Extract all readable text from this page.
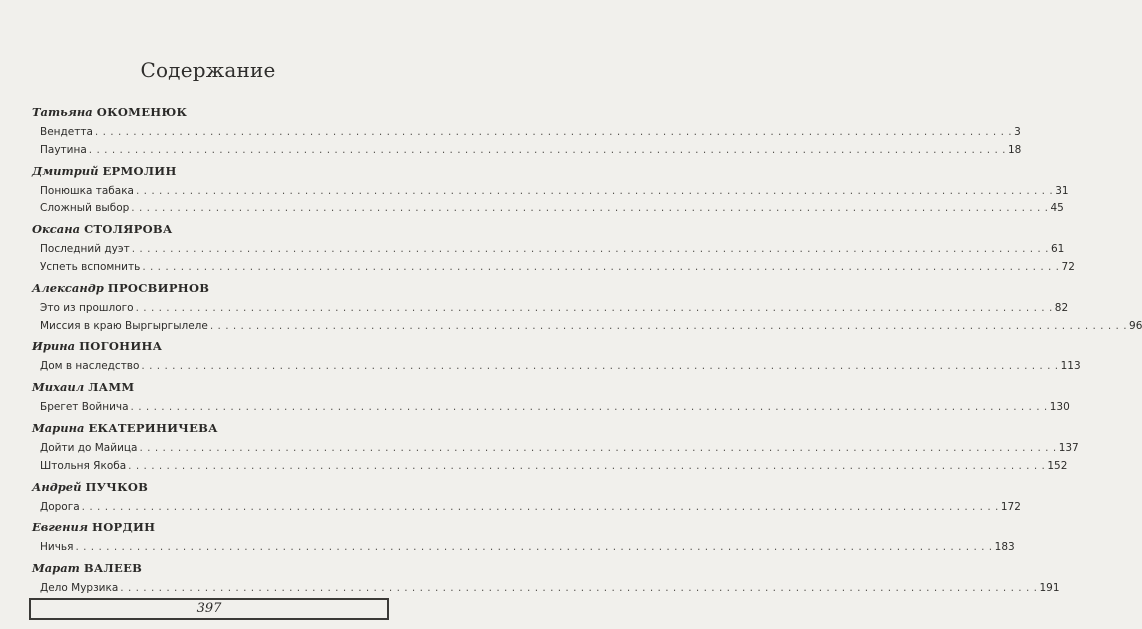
Содержание
Татьяна ОКОМЕНЮК
Вендетта . . . . . . . . . . . . . . . . . . . . . . . . . . . . . . . . . . . . . . . . . . . . . . . . . . . . . . . . . . . . . . . . . . . . . . . . . . . . . . . . . . . . . . . . . . . . . . . . . . . . . . . . . . . . . . . . . . . . . . . . 3
Паутина . . . . . . . . . . . . . . . . . . . . . . . . . . . . . . . . . . . . . . . . . . . . . . . . . . . . . . . . . . . . . . . . . . . . . . . . . . . . . . . . . . . . . . . . . . . . . . . . . . . . . . . . . . . . . . . . . . . . . . . . 18
Дмитрий ЕРМОЛИН
Понюшка табака . . . . . . . . . . . . . . . . . . . . . . . . . . . . . . . . . . . . . . . . . . . . . . . . . . . . . . . . . . . . . . . . . . . . . . . . . . . . . . . . . . . . . . . . . . . . . . . . . . . . . . . . . . . . . . . . . . . . . . . . 31
Сложный выбор . . . . . . . . . . . . . . . . . . . . . . . . . . . . . . . . . . . . . . . . . . . . . . . . . . . . . . . . . . . . . . . . . . . . . . . . . . . . . . . . . . . . . . . . . . . . . . . . . . . . . . . . . . . . . . . . . . . . . . . . 45
Оксана СТОЛЯРОВА
Последний дуэт . . . . . . . . . . . . . . . . . . . . . . . . . . . . . . . . . . . . . . . . . . . . . . . . . . . . . . . . . . . . . . . . . . . . . . . . . . . . . . . . . . . . . . . . . . . . . . . . . . . . . . . . . . . . . . . . . . . . . . . . 61
Успеть вспомнить . . . . . . . . . . . . . . . . . . . . . . . . . . . . . . . . . . . . . . . . . . . . . . . . . . . . . . . . . . . . . . . . . . . . . . . . . . . . . . . . . . . . . . . . . . . . . . . . . . . . . . . . . . . . . . . . . . . . . . . . 72
Александр ПРОСВИРНОВ
Это из прошлого . . . . . . . . . . . . . . . . . . . . . . . . . . . . . . . . . . . . . . . . . . . . . . . . . . . . . . . . . . . . . . . . . . . . . . . . . . . . . . . . . . . . . . . . . . . . . . . . . . . . . . . . . . . . . . . . . . . . . . . . 82
Миссия в краю Выргыргылеле . . . . . . . . . . . . . . . . . . . . . . . . . . . . . . . . . . . . . . . . . . . . . . . . . . . . . . . . . . . . . . . . . . . . . . . . . . . . . . . . . . . . . . . . . . . . . . . . . . . . . . . . . . . . . . . . . . . . . . . . 96
Ирина ПОГОНИНА
Дом в наследство . . . . . . . . . . . . . . . . . . . . . . . . . . . . . . . . . . . . . . . . . . . . . . . . . . . . . . . . . . . . . . . . . . . . . . . . . . . . . . . . . . . . . . . . . . . . . . . . . . . . . . . . . . . . . . . . . . . . . . . . 113
Михаил ЛАММ
Брегет Войнича . . . . . . . . . . . . . . . . . . . . . . . . . . . . . . . . . . . . . . . . . . . . . . . . . . . . . . . . . . . . . . . . . . . . . . . . . . . . . . . . . . . . . . . . . . . . . . . . . . . . . . . . . . . . . . . . . . . . . . . . 130
Марина ЕКАТЕРИНИЧЕВА
Дойти до Майица . . . . . . . . . . . . . . . . . . . . . . . . . . . . . . . . . . . . . . . . . . . . . . . . . . . . . . . . . . . . . . . . . . . . . . . . . . . . . . . . . . . . . . . . . . . . . . . . . . . . . . . . . . . . . . . . . . . . . . . . 137
Штольня Якоба . . . . . . . . . . . . . . . . . . . . . . . . . . . . . . . . . . . . . . . . . . . . . . . . . . . . . . . . . . . . . . . . . . . . . . . . . . . . . . . . . . . . . . . . . . . . . . . . . . . . . . . . . . . . . . . . . . . . . . . . 152
Андрей ПУЧКОВ
Дорога . . . . . . . . . . . . . . . . . . . . . . . . . . . . . . . . . . . . . . . . . . . . . . . . . . . . . . . . . . . . . . . . . . . . . . . . . . . . . . . . . . . . . . . . . . . . . . . . . . . . . . . . . . . . . . . . . . . . . . . . 172
Евгения НОРДИН
Ничья . . . . . . . . . . . . . . . . . . . . . . . . . . . . . . . . . . . . . . . . . . . . . . . . . . . . . . . . . . . . . . . . . . . . . . . . . . . . . . . . . . . . . . . . . . . . . . . . . . . . . . . . . . . . . . . . . . . . . . . . 183
Марат ВАЛЕЕВ
Дело Мурзика . . . . . . . . . . . . . . . . . . . . . . . . . . . . . . . . . . . . . . . . . . . . . . . . . . . . . . . . . . . . . . . . . . . . . . . . . . . . . . . . . . . . . . . . . . . . . . . . . . . . . . . . . . . . . . . . . . . . . . . . 191
397
